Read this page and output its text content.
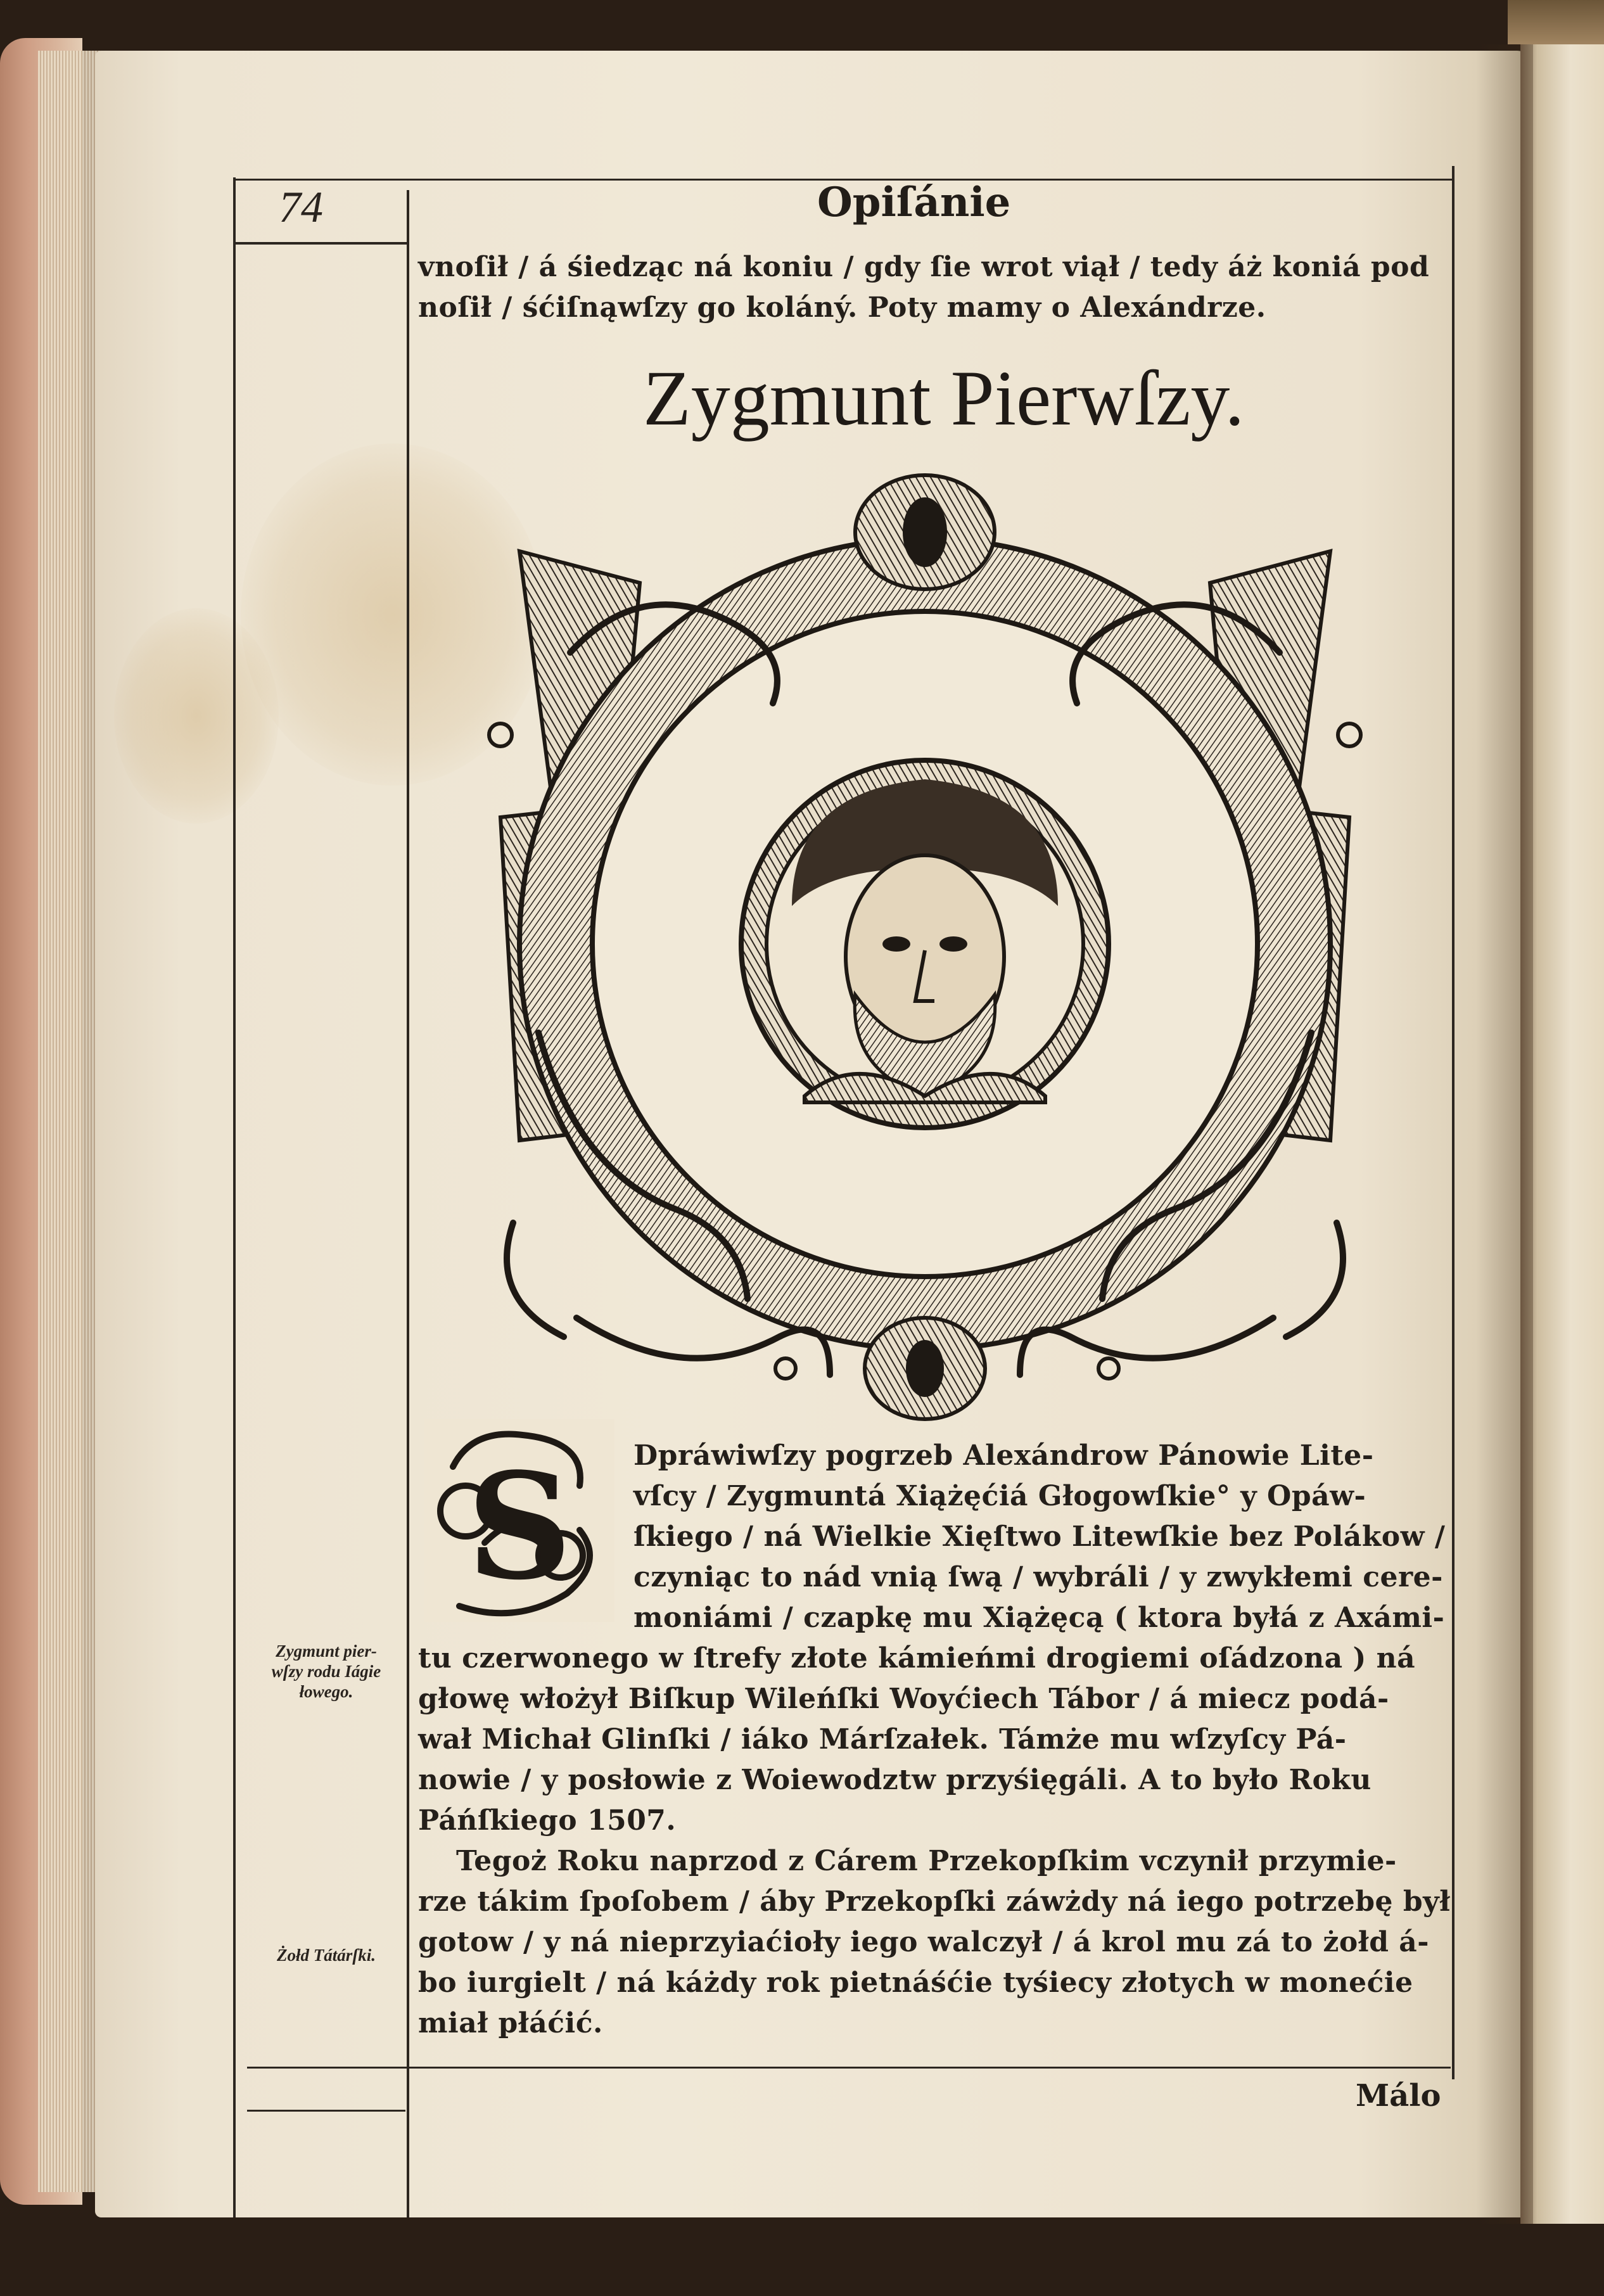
74	Opiſánie
vnoſił / á śiedząc ná koniu / gdy ſie wrot viął / tedy áż koniá pod
noſił / śćiſnąwſzy go koláný. Poty mamy o Alexándrze.
Zygmunt Pierwſzy.
S Dpráwiwſzy pogrzeb Alexándrow Pánowie Lite-
vſcy / Zygmuntá Xiążęćiá Głogowſkie° y Opáw-
ſkiego / ná Wielkie Xięſtwo Litewſkie bez Polákow /
czyniąc to nád vnią ſwą / wybráli / y zwykłemi cere-
moniámi / czapkę mu Xiążęcą ( ktora byłá z Axámi-
tu czerwonego w ſtrefy złote kámieńmi drogiemi oſádzona ) ná
głowę włożył Biſkup Wileńſki Woyćiech Tábor / á miecz podá-
wał Michał Glinſki / iáko Márſzałek. Támże mu wſzyſcy Pá-
nowie / y posłowie z Woiewodztw przyśięgáli. A to było Roku
Páńſkiego 1507.
Tegoż Roku naprzod z Cárem Przekopſkim vczynił przymie-
rze tákim ſpoſobem / áby Przekopſki záwżdy ná iego potrzebę był
gotow / y ná nieprzyiaćioły iego walczył / á krol mu zá to żołd á-
bo iurgielt / ná káżdy rok pietnáśćie tyśiecy złotych w monećie
miał płáćić.
Zygmunt pier-
wſzy rodu Iágie
łowego.
Żołd Tátárſki.
Málo
